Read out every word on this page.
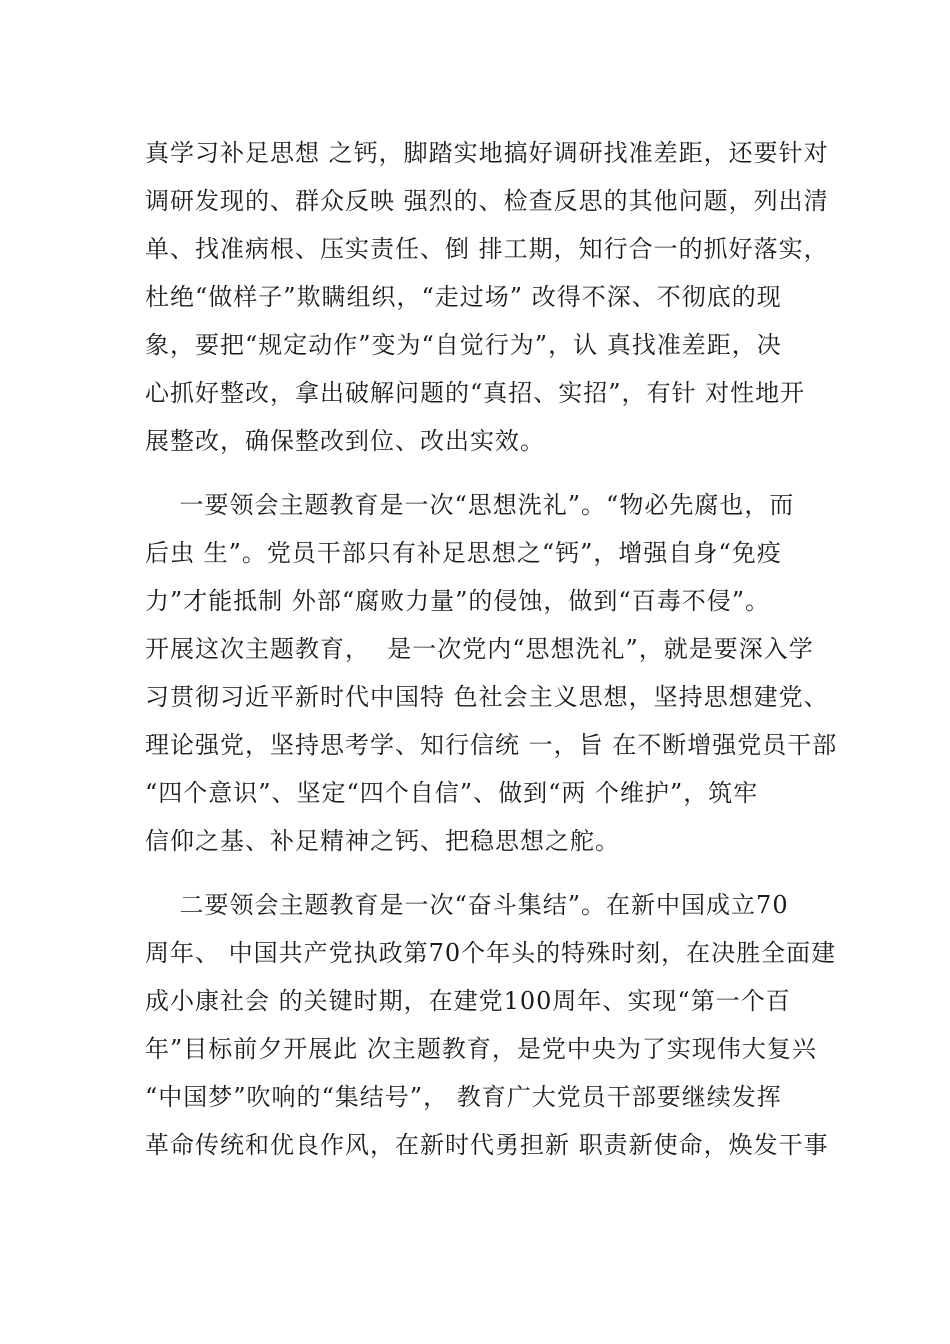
真学习补足思想 之钙，脚踏实地搞好调研找准差距，还要针对
调研发现的、群众反映 强烈的、检查反思的其他问题，列出清
单、找准病根、压实责任、倒 排工期，知行合一的抓好落实，
杜绝“做样子”欺瞒组织，“走过场” 改得不深、不彻底的现
象，要把“规定动作”变为“自觉行为”，认 真找准差距，决
心抓好整改，拿出破解问题的“真招、实招”，有针 对性地开
展整改，确保整改到位、改出实效。
一要领会主题教育是一次“思想洗礼”。“物必先腐也，而
后虫 生”。党员干部只有补足思想之“钙”，增强自身“免疫
力”才能抵制 外部“腐败力量”的侵蚀，做到“百毒不侵”。
开展这次主题教育，  是一次党内“思想洗礼”，就是要深入学
习贯彻习近平新时代中国特 色社会主义思想，坚持思想建党、
理论强党，坚持思考学、知行信统 一，旨 在不断增强党员干部
“四个意识”、坚定“四个自信”、做到“两 个维护”，筑牢
信仰之基、补足精神之钙、把稳思想之舵。
二要领会主题教育是一次“奋斗集结”。在新中国成立70
周年、 中国共产党执政第70个年头的特殊时刻，在决胜全面建
成小康社会 的关键时期，在建党100周年、实现“第一个百
年”目标前夕开展此 次主题教育，是党中央为了实现伟大复兴
“中国梦”吹响的“集结号”， 教育广大党员干部要继续发挥
革命传统和优良作风，在新时代勇担新 职责新使命，焕发干事
